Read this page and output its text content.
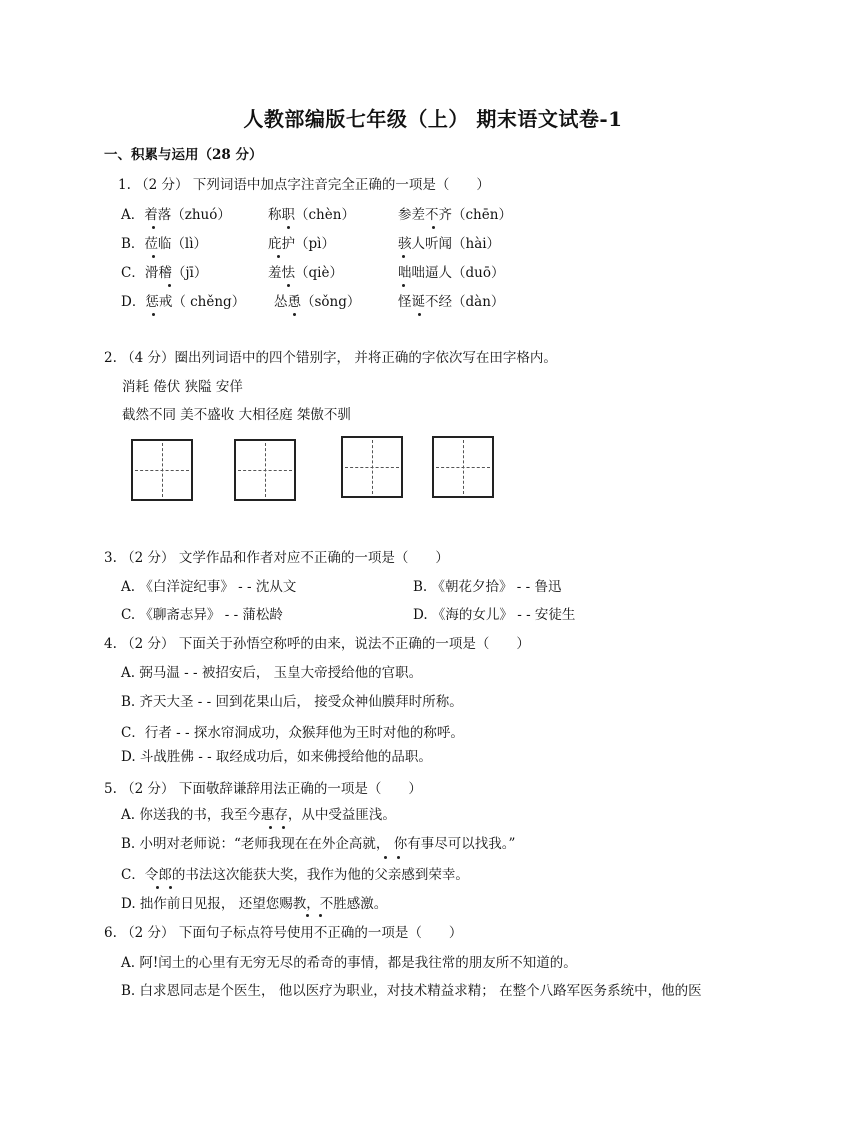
人教部编版七年级（上） 期末语文试卷-1
一、积累与运用（28 分）
1. （2 分） 下列词语中加点字注音完全正确的一项是（　　）
A．着落（zhuó）	称职（chèn）	参差不齐（chēn）
B．莅临（lì）	庇护（pì）	骇人听闻（hài）
C．滑稽（jī）	羞怯（qiè）	咄咄逼人（duō）
D．惩戒（ chěng） 怂恿（sǒng）	怪诞不经（dàn）
2. （4 分）圈出列词语中的四个错别字， 并将正确的字依次写在田字格内。
消耗 倦伏 狭隘 安佯
截然不同 美不盛收 大相径庭 桀傲不驯
3. （2 分） 文学作品和作者对应不正确的一项是（　　）
A. 《白洋淀纪事》 - - 沈从文	B. 《朝花夕拾》 - - 鲁迅
C. 《聊斋志异》 - - 蒲松龄	D. 《海的女儿》 - - 安徒生
4. （2 分） 下面关于孙悟空称呼的由来，说法不正确的一项是（　　）
A. 弼马温 - - 被招安后， 玉皇大帝授给他的官职。
B. 齐天大圣 - - 回到花果山后， 接受众神仙膜拜时所称。
C．行者 - - 探水帘洞成功，众猴拜他为王时对他的称呼。
D. 斗战胜佛 - - 取经成功后，如来佛授给他的品职。
5. （2 分） 下面敬辞谦辞用法正确的一项是（　　）
A. 你送我的书，我至今惠存，从中受益匪浅。
B. 小明对老师说：“老师我现在在外企高就， 你有事尽可以找我。”
C．令郎的书法这次能获大奖，我作为他的父亲感到荣幸。
D. 拙作前日见报， 还望您赐教，不胜感激。
6. （2 分） 下面句子标点符号使用不正确的一项是（　　）
A. 阿!闰土的心里有无穷无尽的希奇的事情，都是我往常的朋友所不知道的。
B. 白求恩同志是个医生， 他以医疗为职业，对技术精益求精； 在整个八路军医务系统中，他的医
